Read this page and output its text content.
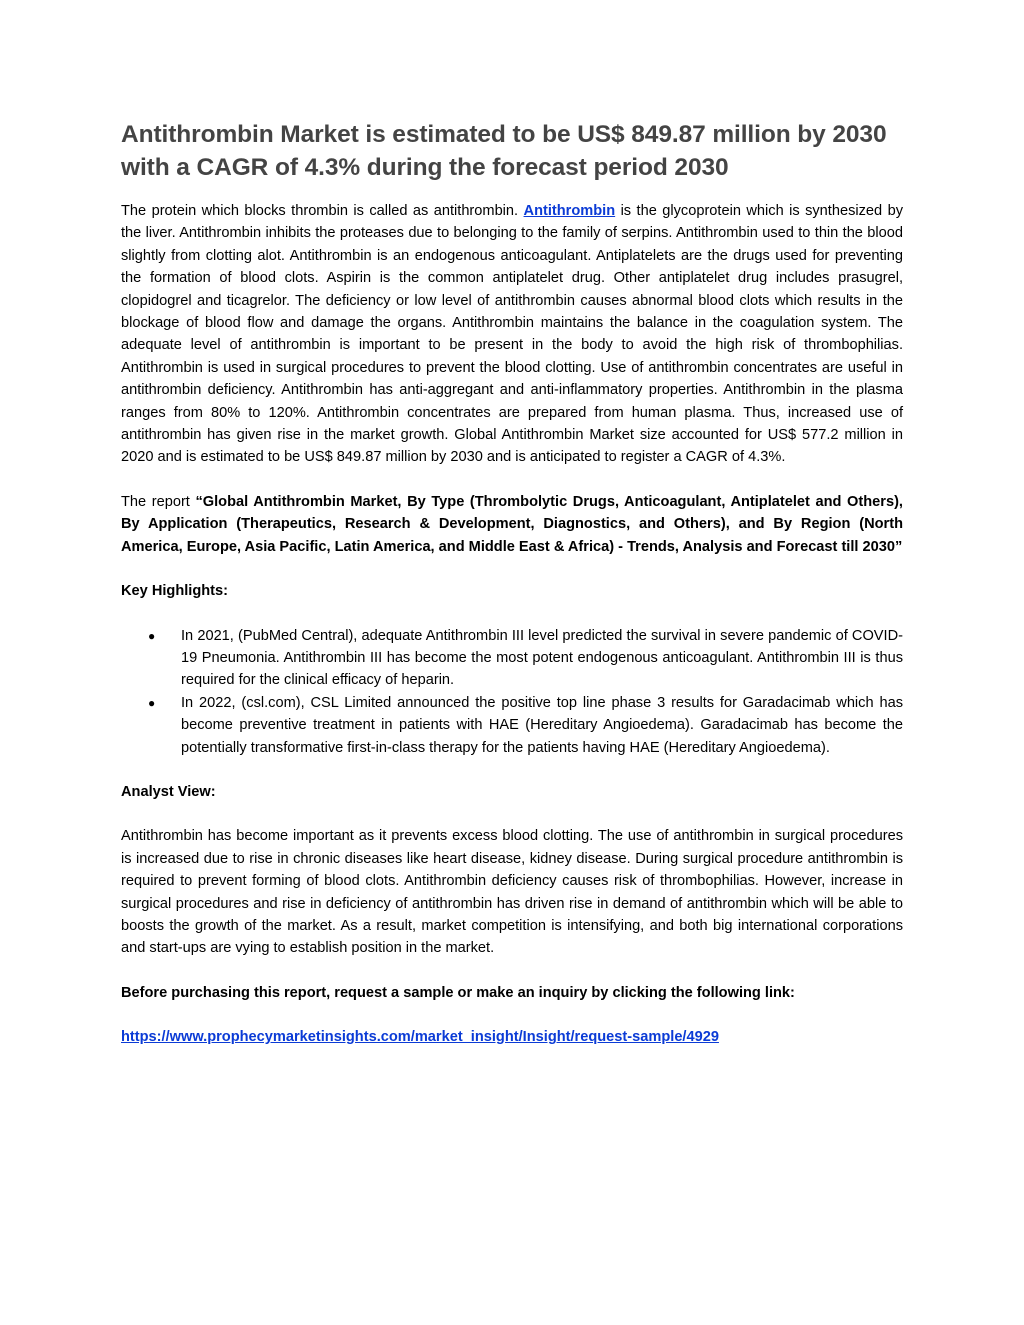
Antithrombin Market is estimated to be US$ 849.87 million by 2030 with a CAGR of 4.3% during the forecast period 2030

The protein which blocks thrombin is called as antithrombin. Antithrombin is the glycoprotein which is synthesized by the liver. Antithrombin inhibits the proteases due to belonging to the family of serpins. Antithrombin used to thin the blood slightly from clotting alot. Antithrombin is an endogenous anticoagulant. Antiplatelets are the drugs used for preventing the formation of blood clots. Aspirin is the common antiplatelet drug. Other antiplatelet drug includes prasugrel, clopidogrel and ticagrelor. The deficiency or low level of antithrombin causes abnormal blood clots which results in the blockage of blood flow and damage the organs. Antithrombin maintains the balance in the coagulation system. The adequate level of antithrombin is important to be present in the body to avoid the high risk of thrombophilias. Antithrombin is used in surgical procedures to prevent the blood clotting. Use of antithrombin concentrates are useful in antithrombin deficiency. Antithrombin has anti-aggregant and anti-inflammatory properties. Antithrombin in the plasma ranges from 80% to 120%. Antithrombin concentrates are prepared from human plasma. Thus, increased use of antithrombin has given rise in the market growth. Global Antithrombin Market size accounted for US$ 577.2 million in 2020 and is estimated to be US$ 849.87 million by 2030 and is anticipated to register a CAGR of 4.3%.

The report “Global Antithrombin Market, By Type (Thrombolytic Drugs, Anticoagulant, Antiplatelet and Others), By Application (Therapeutics, Research & Development, Diagnostics, and Others), and By Region (North America, Europe, Asia Pacific, Latin America, and Middle East & Africa) - Trends, Analysis and Forecast till 2030”

Key Highlights:

● In 2021, (PubMed Central), adequate Antithrombin III level predicted the survival in severe pandemic of COVID-19 Pneumonia. Antithrombin III has become the most potent endogenous anticoagulant. Antithrombin III is thus required for the clinical efficacy of heparin.
● In 2022, (csl.com), CSL Limited announced the positive top line phase 3 results for Garadacimab which has become preventive treatment in patients with HAE (Hereditary Angioedema). Garadacimab has become the potentially transformative first-in-class therapy for the patients having HAE (Hereditary Angioedema).

Analyst View:

Antithrombin has become important as it prevents excess blood clotting. The use of antithrombin in surgical procedures is increased due to rise in chronic diseases like heart disease, kidney disease. During surgical procedure antithrombin is required to prevent forming of blood clots. Antithrombin deficiency causes risk of thrombophilias. However, increase in surgical procedures and rise in deficiency of antithrombin has driven rise in demand of antithrombin which will be able to boosts the growth of the market. As a result, market competition is intensifying, and both big international corporations and start-ups are vying to establish position in the market.

Before purchasing this report, request a sample or make an inquiry by clicking the following link:

https://www.prophecymarketinsights.com/market_insight/Insight/request-sample/4929
